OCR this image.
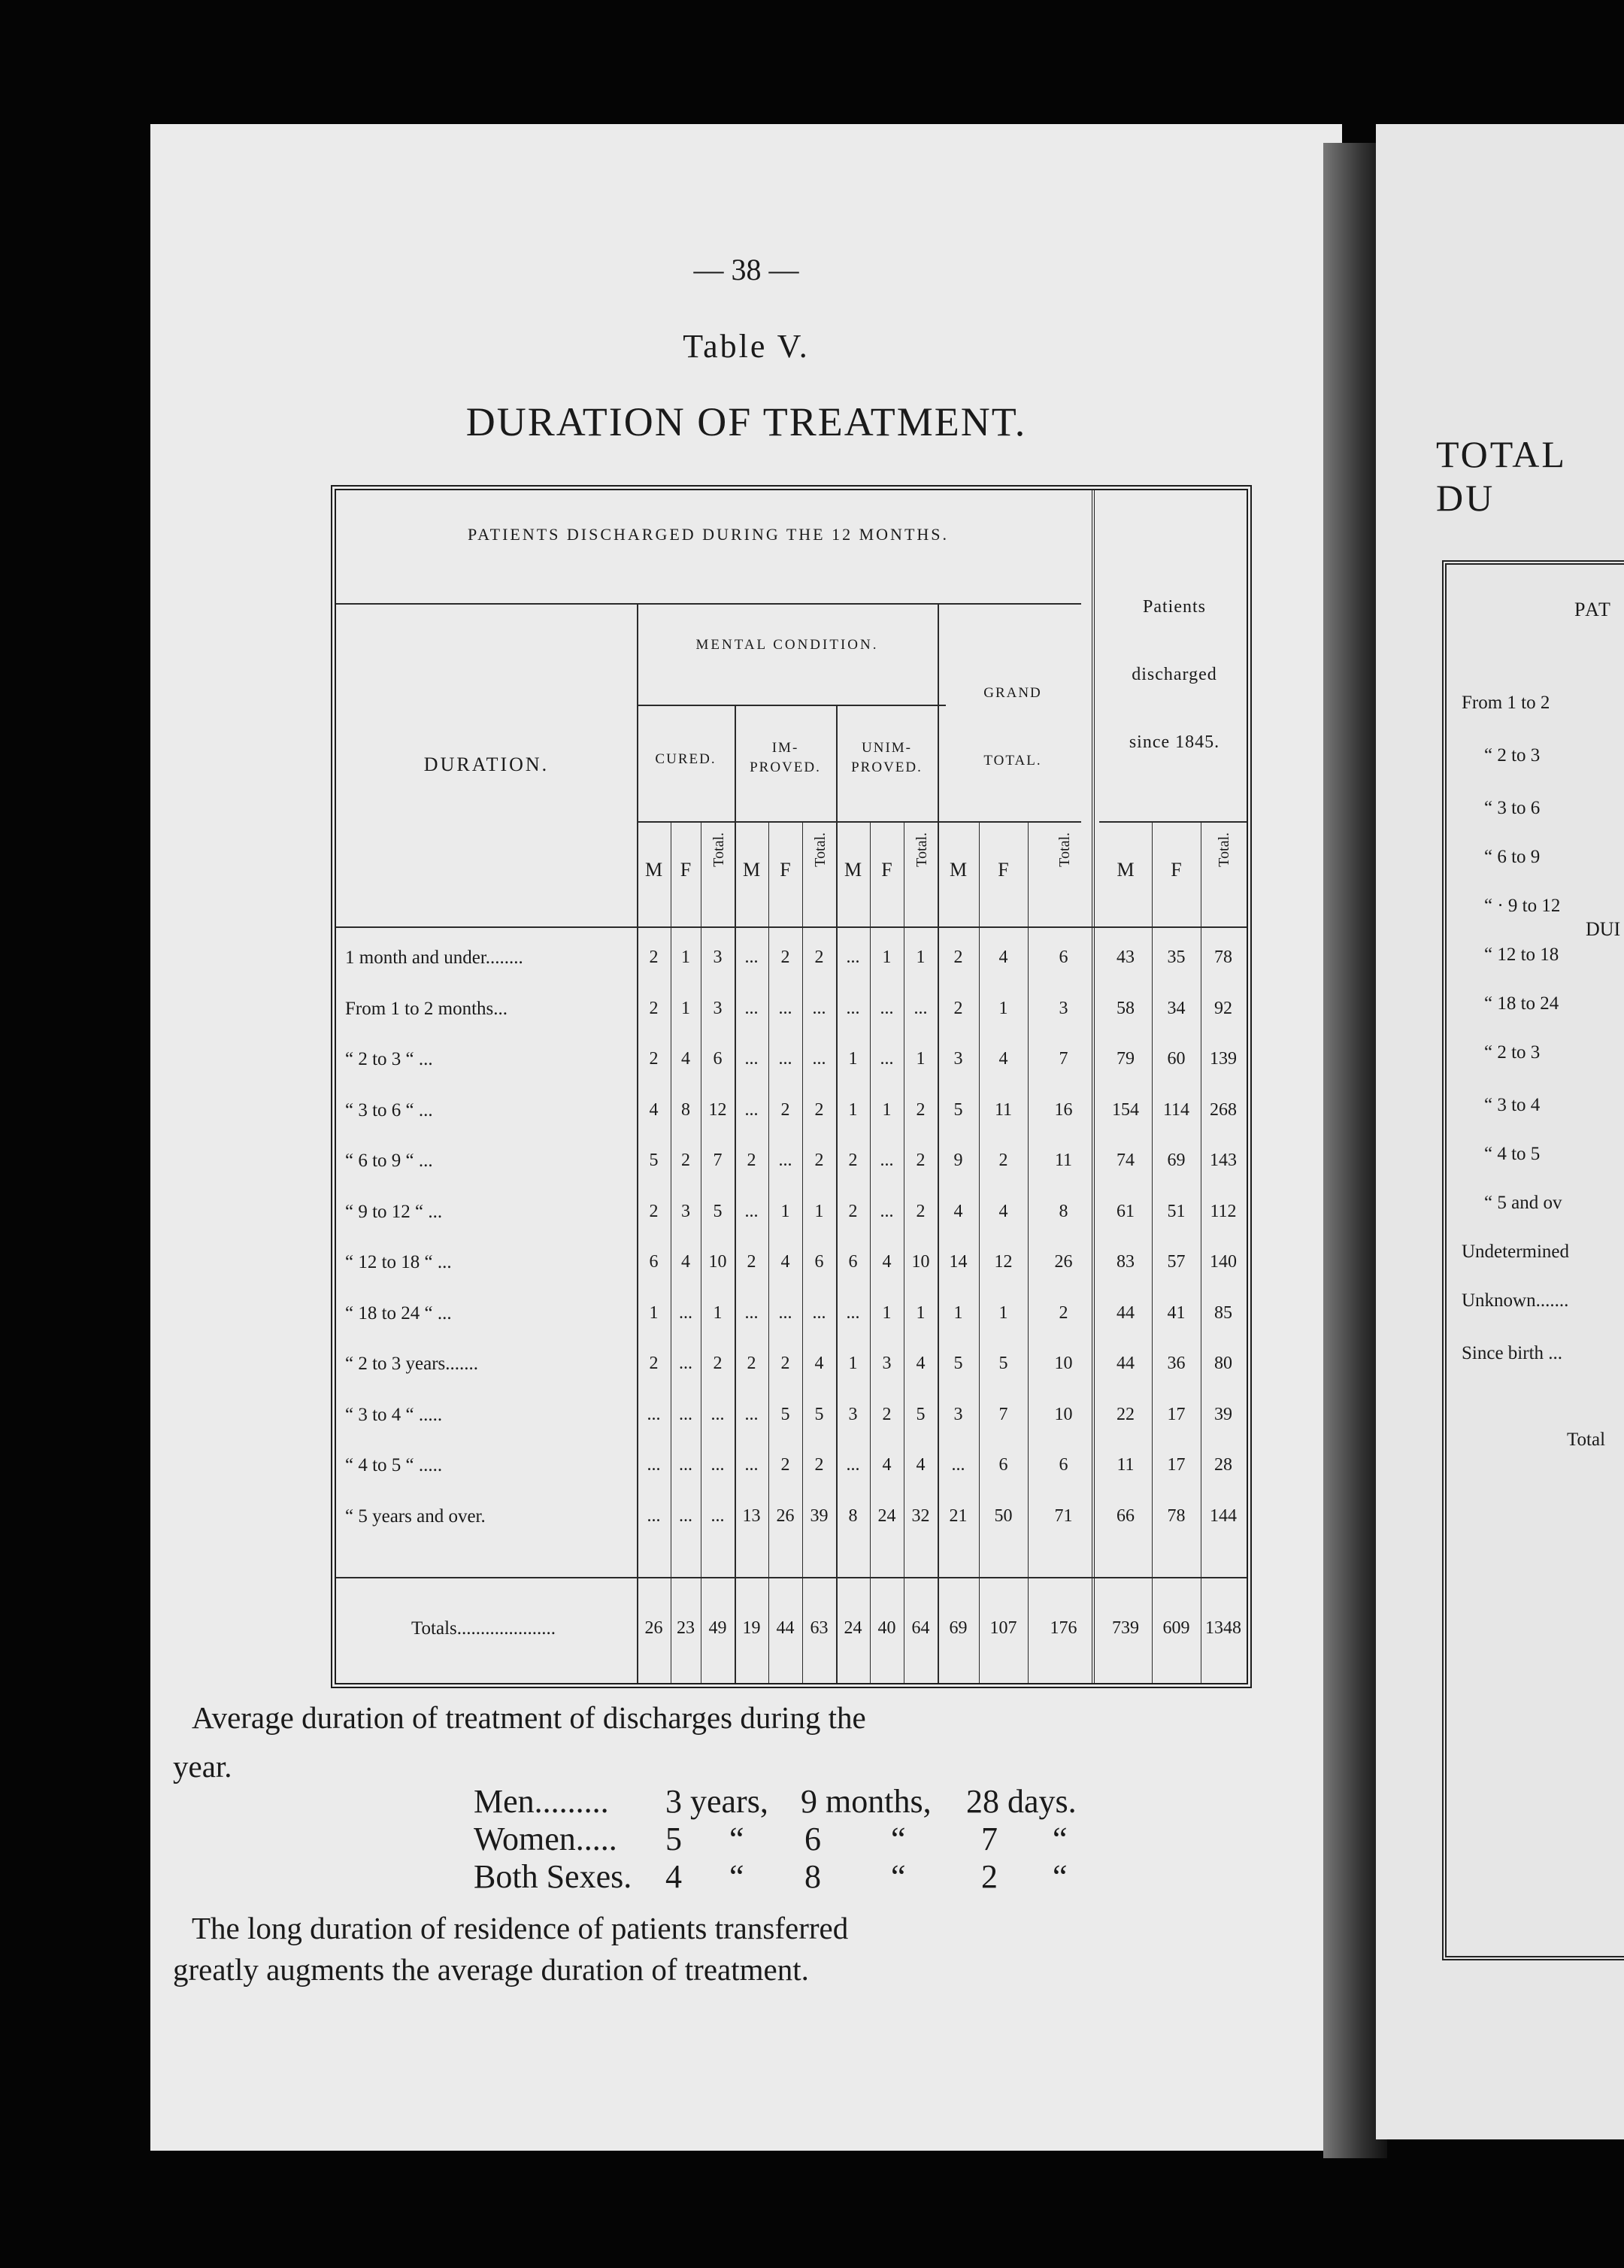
— 38 —
Table V.
DURATION OF TREATMENT.
PATIENTS DISCHARGED DURING THE 12 MONTHS.
Patients
discharged
since 1845.
MENTAL CONDITION.
GRAND
TOTAL.
DURATION.	CURED.
IM-
PROVED.
UNIM-
PROVED.
M F
Total.
M	F
Total.
M	F
Total.
M	F
Total.
M	F
Total.
1 month and under........	2	1	3	...	2	2	...	1	1	2	4	6	43	35	78
From 1 to 2 months...	2	1	3	...	...	...	...	...	...	2	1	3	58	34	92
“ 2 to 3 “ ...	2	4	6	...	...	...	1	...	1	3	4	7	79	60	139
“ 3 to 6 “ ...	4	8	12	...	2	2	1	1	2	5	11	16	154	114	268
“ 6 to 9 “ ...	5	2	7	2	...	2	2	...	2	9	2	11	74	69	143
“ 9 to 12 “ ...	2	3	5	...	1	1	2	...	2	4	4	8	61	51	112
“ 12 to 18 “ ...	6	4	10	2	4	6	6	4	10	14	12	26	83	57	140
“ 18 to 24 “ ...	1	...	1	...	...	...	...	1	1	1	1	2	44	41	85
“ 2 to 3 years.......	2	...	2	2	2	4	1	3	4	5	5	10	44	36	80
“ 3 to 4 “ .....	...	...	...	...	5	5	3	2	5	3	7	10	22	17	39
“ 4 to 5 “ .....	...	...	...	...	2	2	...	4	4	...	6	6	11	17	28
“ 5 years and over.	...	...	...	13 26 39	8	24 32	21	50	71	66	78	144
Totals.....................	26 23 49 19 44 63 24 40 64	69	107	176	739	609 1348
Average duration of treatment of discharges during the
year.
Men......... 3 years, 9 months, 28 days.
Women..... 5 “ 6 “ 7 “
Both Sexes. 4 “ 8 “ 2 “
The long duration of residence of patients transferred
greatly augments the average duration of treatment.
TOTAL DU
PAT
DUI
From 1 to 2
“ 2 to 3
“ 3 to 6
“ 6 to 9
“ · 9 to 12
“ 12 to 18
“ 18 to 24
“ 2 to 3
“ 3 to 4
“ 4 to 5
“ 5 and ov
Undetermined
Unknown.......
Since birth ...
Total
